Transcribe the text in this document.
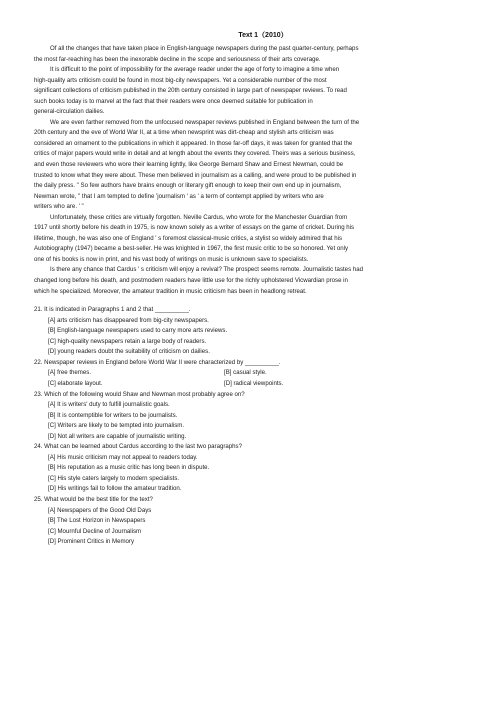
Text 1（2010）

Of all the changes that have taken place in English-language newspapers during the past quarter-century, perhaps

the most far-reaching has been the inexorable decline in the scope and seriousness of their arts coverage.

It is difficult to the point of impossibility for the average reader under the age of forty to imagine a time when

high-quality arts criticism could be found in most big-city newspapers. Yet a considerable number of the most

significant collections of criticism published in the 20th century consisted in large part of newspaper reviews. To read

such books today is to marvel at the fact that their readers were once deemed suitable for publication in

general-circulation dailies.

We are even farther removed from the unfocused newspaper reviews published in England between the turn of the

20th century and the eve of World War II, at a time when newsprint was dirt-cheap and stylish arts criticism was

considered an ornament to the publications in which it appeared. In those far-off days, it was taken for granted that the

critics of major papers would write in detail and at length about the events they covered. Theirs was a serious business,

and even those reviewers who wore their learning lightly, like George Bernard Shaw and Ernest Newman, could be

trusted to know what they were about. These men believed in journalism as a calling, and were proud to be published in

the daily press. " So few authors have brains enough or literary gift enough to keep their own end up in journalism,

Newman wrote, " that I am tempted to define 'journalism ' as ' a term of contempt applied by writers who are

writers who are. ' "

Unfortunately, these critics are virtually forgotten. Neville Cardus, who wrote for the Manchester Guardian from

1917 until shortly before his death in 1975, is now known solely as a writer of essays on the game of cricket. During his

lifetime, though, he was also one of England ' s foremost classical-music critics, a stylist so widely admired that his

Autobiography (1947) became a best-seller. He was knighted in 1967, the first music critic to be so honored. Yet only

one of his books is now in print, and his vast body of writings on music is unknown save to specialists.

Is there any chance that Cardus ' s criticism will enjoy a revival? The prospect seems remote. Journalistic tastes had

changed long before his death, and postmodern readers have little use for the richly upholstered Vicwardian prose in

which he specialized. Moreover, the amateur tradition in music criticism has been in headlong retreat.

21. It is indicated in Paragraphs 1 and 2 that __________.

[A] arts criticism has disappeared from big-city newspapers.

[B] English-language newspapers used to carry more arts reviews.

[C] high-quality newspapers retain a large body of readers.

[D] young readers doubt the suitability of criticism on dailies.

22. Newspaper reviews in England before World War II were characterized by __________.

[A] free themes.	[B] casual style.
[C] elaborate layout.	[D] radical viewpoints.

23. Which of the following would Shaw and Newman most probably agree on?

[A] It is writers' duty to fulfill journalistic goals.

[B] It is contemptible for writers to be journalists.

[C] Writers are likely to be tempted into journalism.

[D] Not all writers are capable of journalistic writing.

24. What can be learned about Cardus according to the last two paragraphs?

[A] His music criticism may not appeal to readers today.

[B] His reputation as a music critic has long been in dispute.

[C] His style caters largely to modern specialists.

[D] His writings fail to follow the amateur tradition.

25. What would be the best title for the text?

[A] Newspapers of the Good Old Days

[B] The Lost Horizon in Newspapers

[C] Mournful Decline of Journalism

[D] Prominent Critics in Memory
